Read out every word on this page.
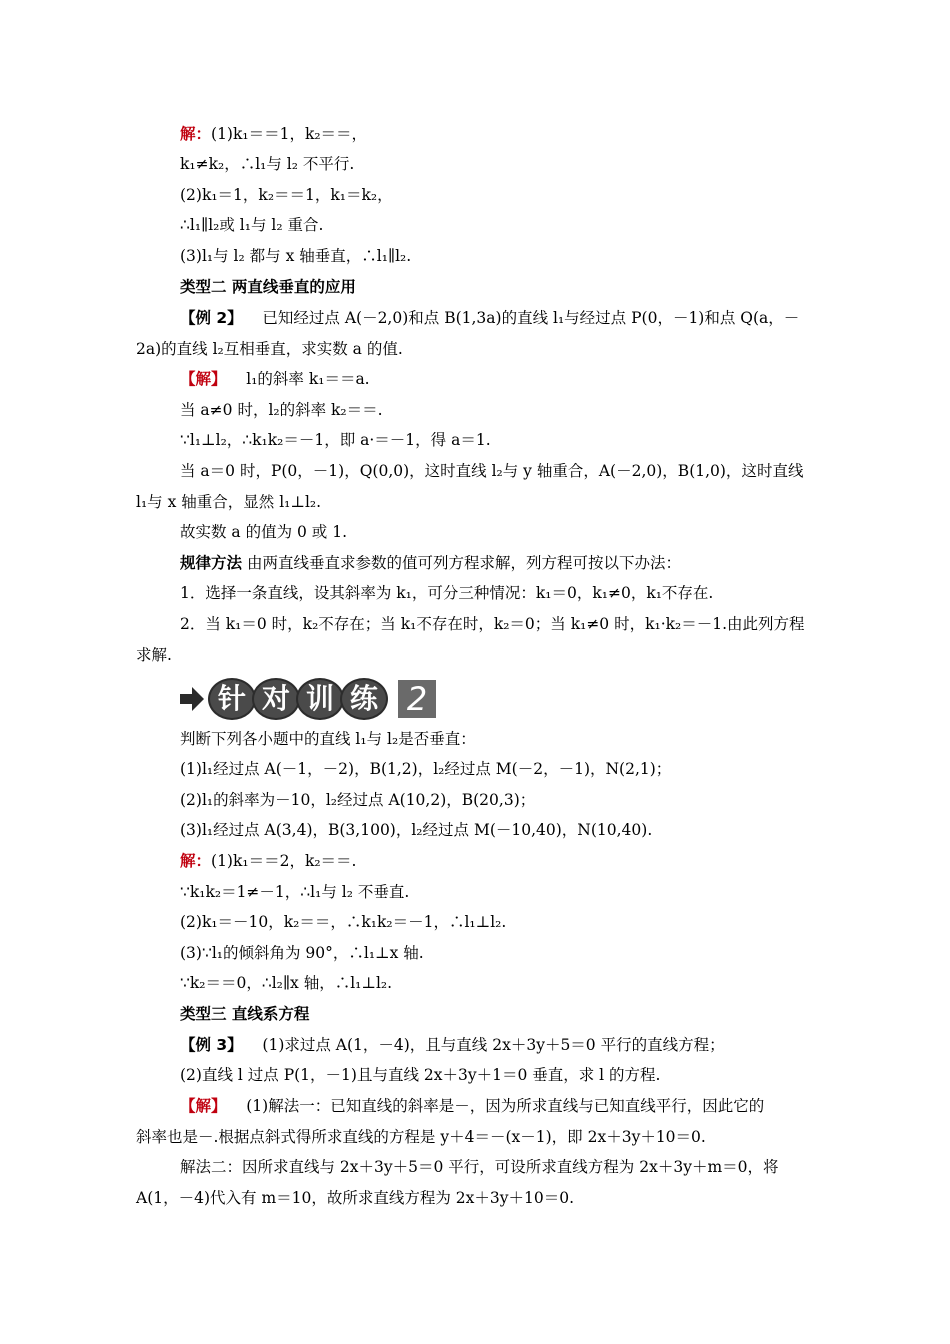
解：(1)k₁＝＝1，k₂＝＝，
k₁≠k₂，∴l₁与 l₂ 不平行.
(2)k₁＝1，k₂＝＝1，k₁＝k₂，
∴l₁∥l₂或 l₁与 l₂ 重合.
(3)l₁与 l₂ 都与 x 轴垂直，∴l₁∥l₂.
类型二 两直线垂直的应用
【例 2】 已知经过点 A(－2,0)和点 B(1,3a)的直线 l₁与经过点 P(0，－1)和点 Q(a，－
2a)的直线 l₂互相垂直，求实数 a 的值.
【解】 l₁的斜率 k₁＝＝a.
当 a≠0 时，l₂的斜率 k₂＝＝.
∵l₁⊥l₂，∴k₁k₂＝－1，即 a·＝－1，得 a＝1.
当 a＝0 时，P(0，－1)，Q(0,0)，这时直线 l₂与 y 轴重合，A(－2,0)，B(1,0)，这时直线
l₁与 x 轴重合，显然 l₁⊥l₂.
故实数 a 的值为 0 或 1.
规律方法 由两直线垂直求参数的值可列方程求解，列方程可按以下办法：
1．选择一条直线，设其斜率为 k₁，可分三种情况：k₁＝0，k₁≠0，k₁不存在.
2．当 k₁＝0 时，k₂不存在；当 k₁不存在时，k₂＝0；当 k₁≠0 时，k₁·k₂＝－1.由此列方程
求解.
针 对 训 练 2
判断下列各小题中的直线 l₁与 l₂是否垂直：
(1)l₁经过点 A(－1，－2)，B(1,2)，l₂经过点 M(－2，－1)，N(2,1)；
(2)l₁的斜率为－10，l₂经过点 A(10,2)，B(20,3)；
(3)l₁经过点 A(3,4)，B(3,100)，l₂经过点 M(－10,40)，N(10,40).
解：(1)k₁＝＝2，k₂＝＝.
∵k₁k₂＝1≠－1，∴l₁与 l₂ 不垂直.
(2)k₁＝－10，k₂＝＝，∴k₁k₂＝－1，∴l₁⊥l₂.
(3)∵l₁的倾斜角为 90°，∴l₁⊥x 轴.
∵k₂＝＝0，∴l₂∥x 轴，∴l₁⊥l₂.
类型三 直线系方程
【例 3】 (1)求过点 A(1，－4)，且与直线 2x＋3y＋5＝0 平行的直线方程；
(2)直线 l 过点 P(1，－1)且与直线 2x＋3y＋1＝0 垂直，求 l 的方程.
【解】 (1)解法一：已知直线的斜率是－，因为所求直线与已知直线平行，因此它的
斜率也是－.根据点斜式得所求直线的方程是 y＋4＝－(x－1)，即 2x＋3y＋10＝0.
解法二：因所求直线与 2x＋3y＋5＝0 平行，可设所求直线方程为 2x＋3y＋m＝0，将
A(1，－4)代入有 m＝10，故所求直线方程为 2x＋3y＋10＝0.
